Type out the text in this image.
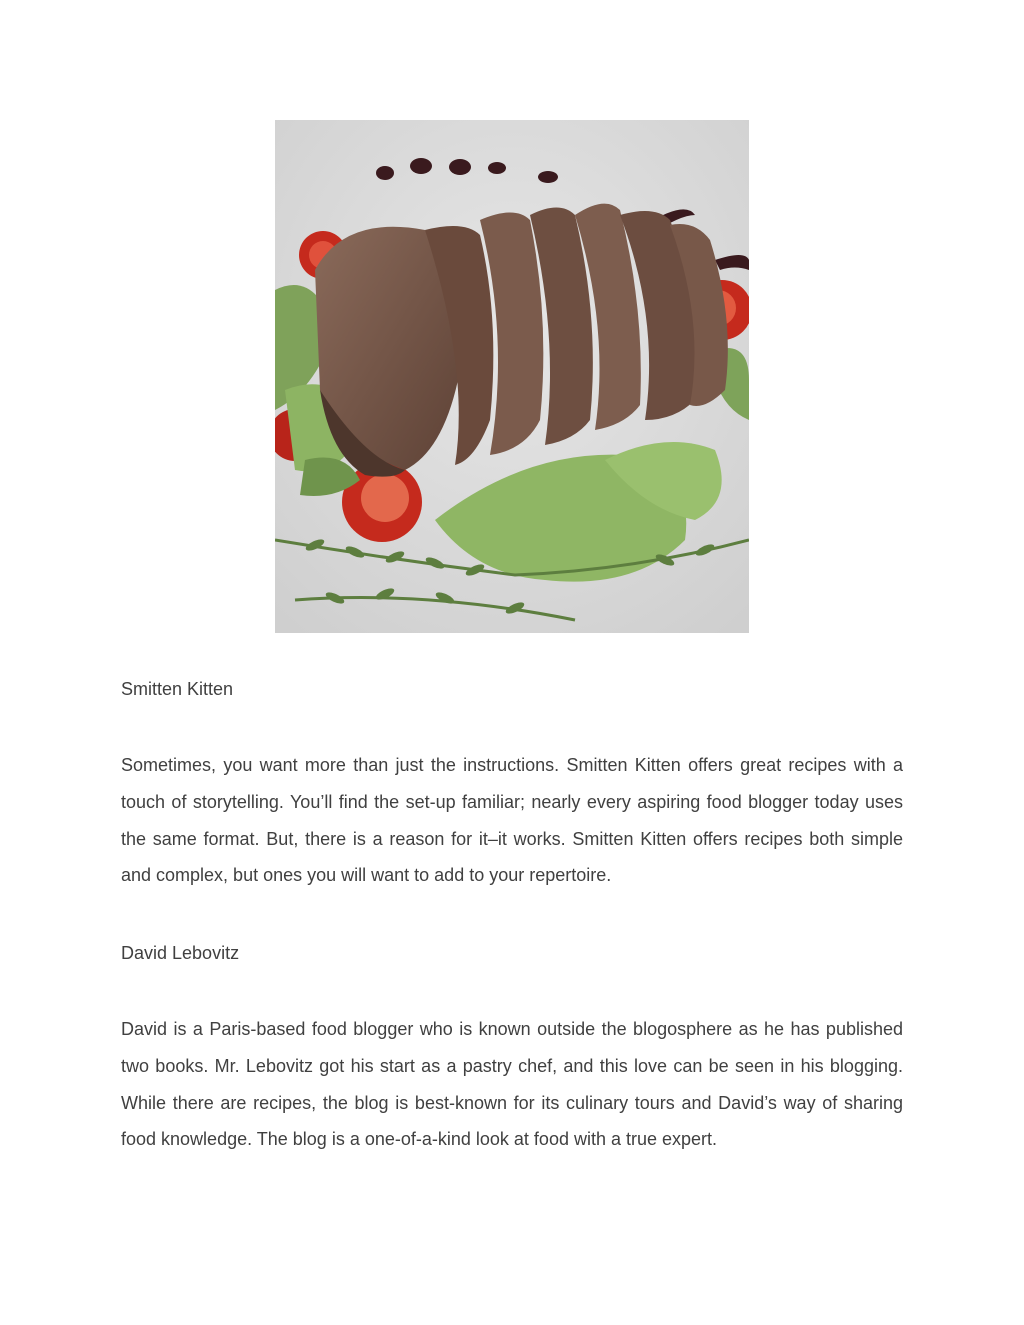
Smitten Kitten
Sometimes, you want more than just the instructions. Smitten Kitten offers great recipes with a touch of storytelling. You’ll find the set-up familiar; nearly every aspiring food blogger today uses the same format. But, there is a reason for it–it works. Smitten Kitten offers recipes both simple and complex, but ones you will want to add to your repertoire.
David Lebovitz
David is a Paris-based food blogger who is known outside the blogosphere as he has published two books. Mr. Lebovitz got his start as a pastry chef, and this love can be seen in his blogging. While there are recipes, the blog is best-known for its culinary tours and David’s way of sharing food knowledge. The blog is a one-of-a-kind look at food with a true expert.
